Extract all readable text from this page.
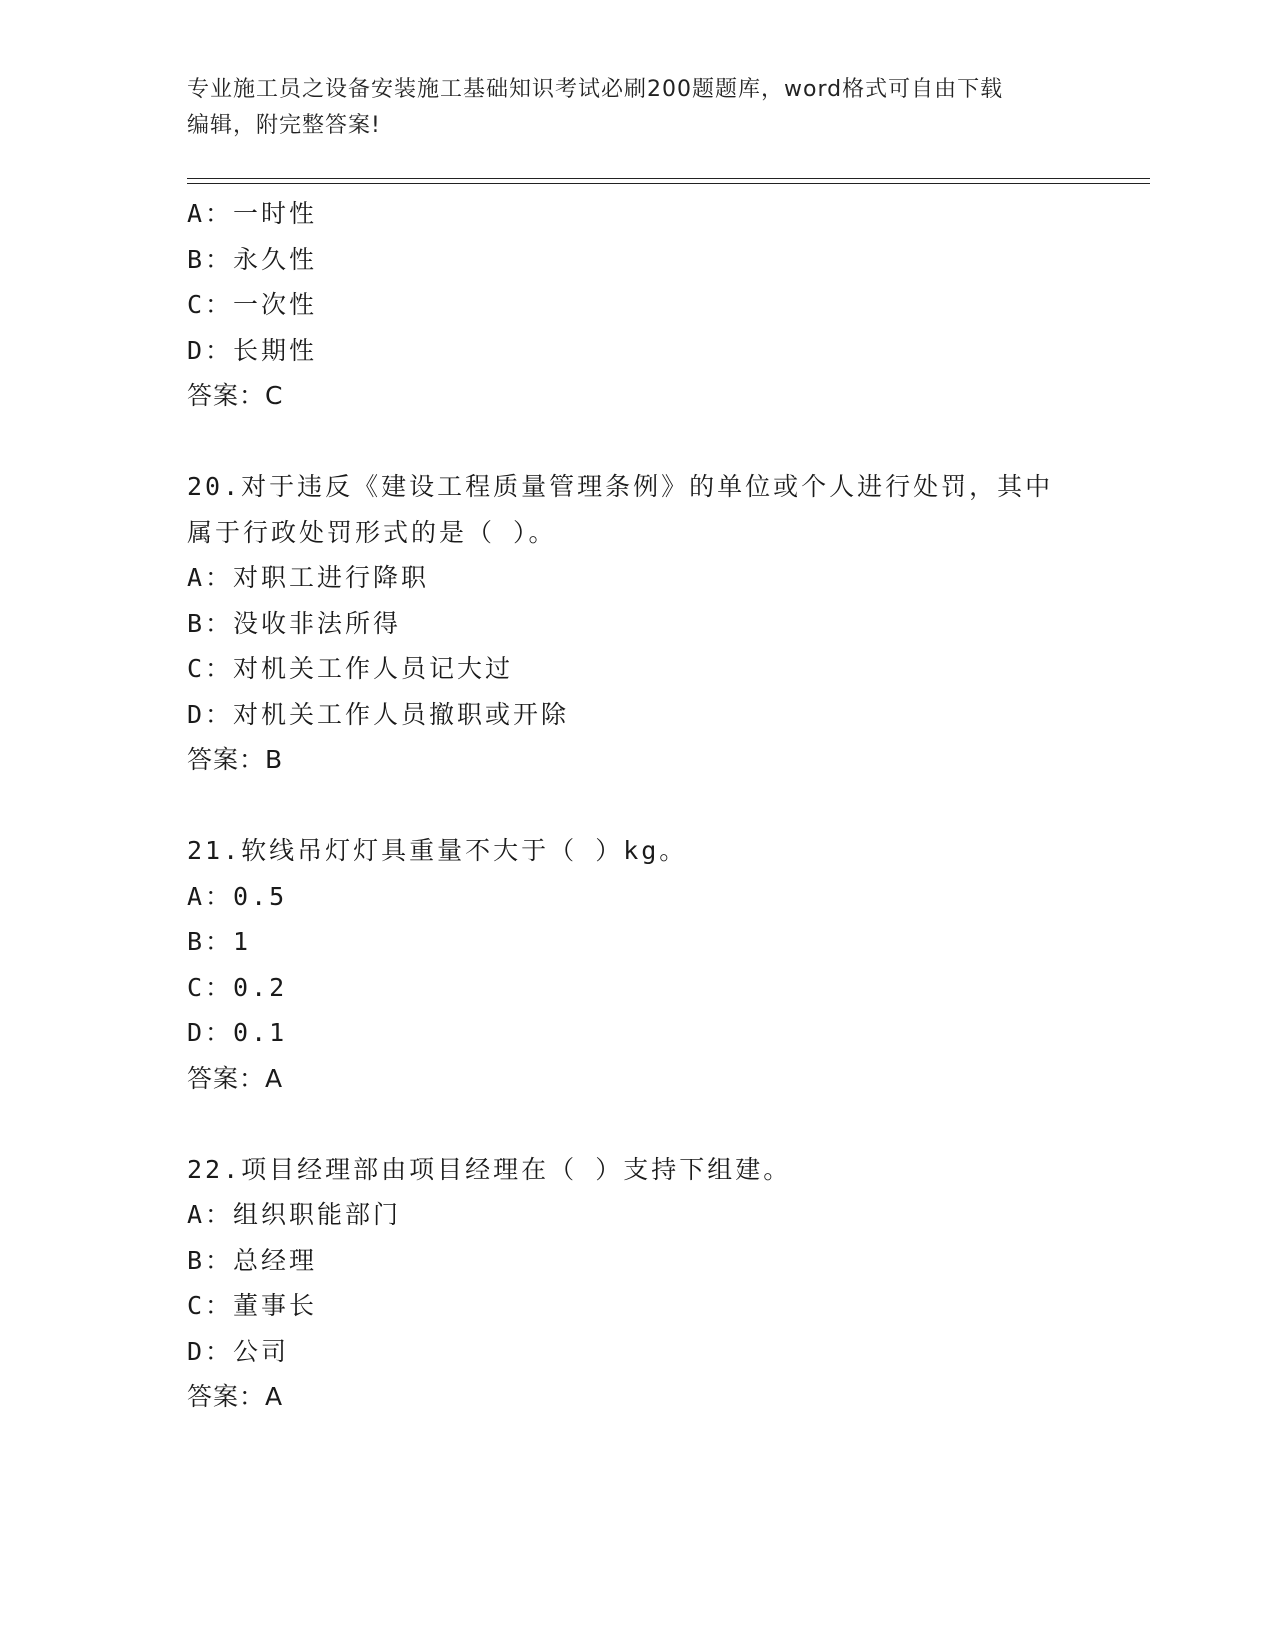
专业施工员之设备安装施工基础知识考试必刷200题题库，word格式可自由下载
编辑，附完整答案!
A：一时性
B：永久性
C：一次性
D：长期性
答案：C
20.对于违反《建设工程质量管理条例》的单位或个人进行处罚，其中
属于行政处罚形式的是（ ）。
A：对职工进行降职
B：没收非法所得
C：对机关工作人员记大过
D：对机关工作人员撤职或开除
答案：B
21.软线吊灯灯具重量不大于（ ）kg。
A：0.5
B：1
C：0.2
D：0.1
答案：A
22.项目经理部由项目经理在（ ）支持下组建。
A：组织职能部门
B：总经理
C：董事长
D：公司
答案：A
